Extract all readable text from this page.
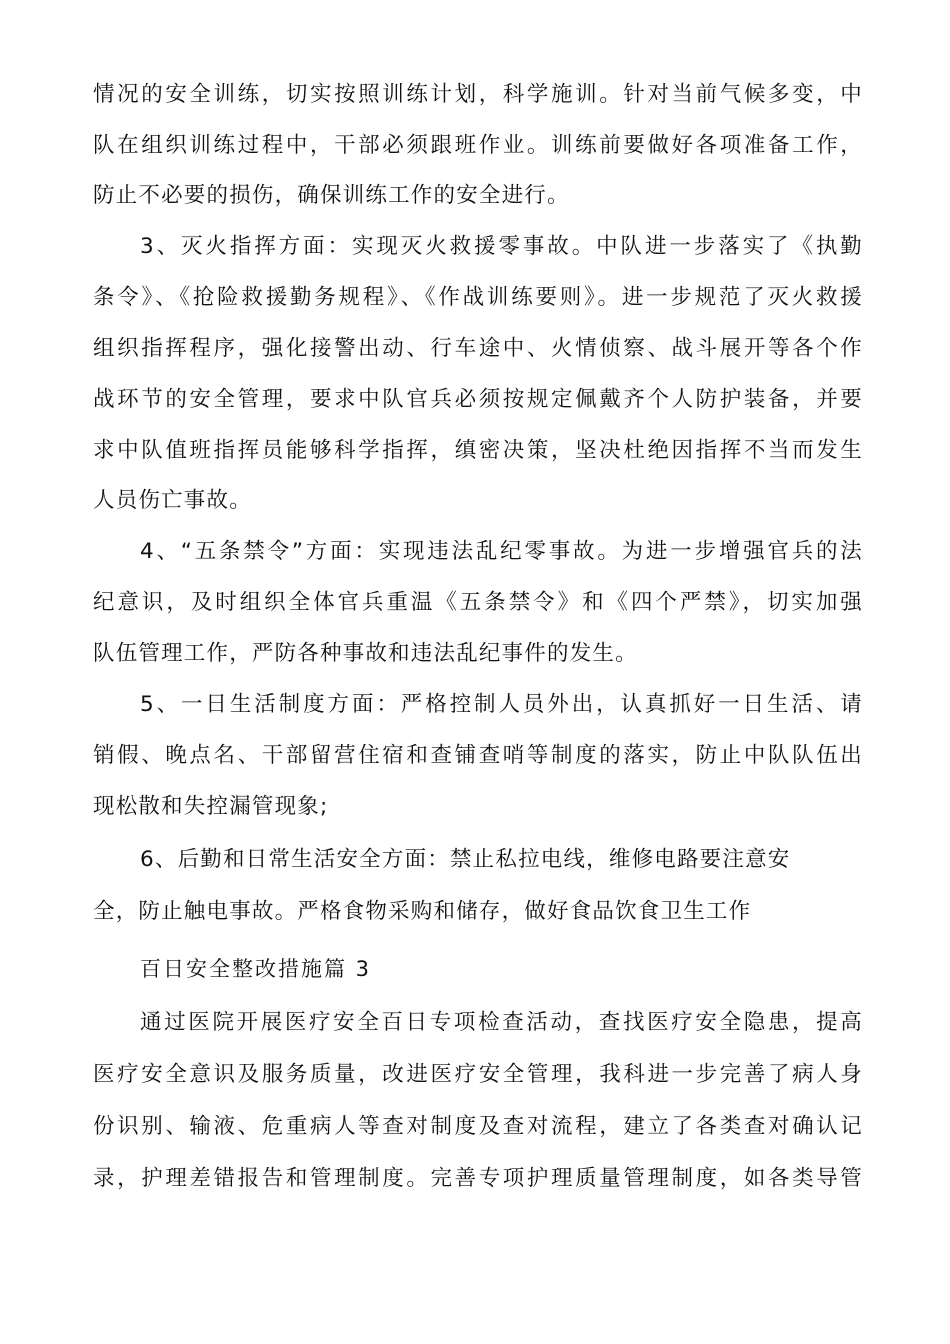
情况的安全训练，切实按照训练计划，科学施训。针对当前气候多变，中
队在组织训练过程中，干部必须跟班作业。训练前要做好各项准备工作，
防止不必要的损伤，确保训练工作的安全进行。
3、灭火指挥方面：实现灭火救援零事故。中队进一步落实了《执勤
条令》、《抢险救援勤务规程》、《作战训练要则》。进一步规范了灭火救援
组织指挥程序，强化接警出动、行车途中、火情侦察、战斗展开等各个作
战环节的安全管理，要求中队官兵必须按规定佩戴齐个人防护装备，并要
求中队值班指挥员能够科学指挥，缜密决策，坚决杜绝因指挥不当而发生
人员伤亡事故。
4、“五条禁令”方面：实现违法乱纪零事故。为进一步增强官兵的法
纪意识，及时组织全体官兵重温《五条禁令》和《四个严禁》，切实加强
队伍管理工作，严防各种事故和违法乱纪事件的发生。
5、一日生活制度方面：严格控制人员外出，认真抓好一日生活、请
销假、晚点名、干部留营住宿和查铺查哨等制度的落实，防止中队队伍出
现松散和失控漏管现象;
6、后勤和日常生活安全方面：禁止私拉电线，维修电路要注意安
全，防止触电事故。严格食物采购和储存，做好食品饮食卫生工作
百日安全整改措施篇 3
通过医院开展医疗安全百日专项检查活动，查找医疗安全隐患，提高
医疗安全意识及服务质量，改进医疗安全管理，我科进一步完善了病人身
份识别、输液、危重病人等查对制度及查对流程，建立了各类查对确认记
录，护理差错报告和管理制度。完善专项护理质量管理制度，如各类导管
